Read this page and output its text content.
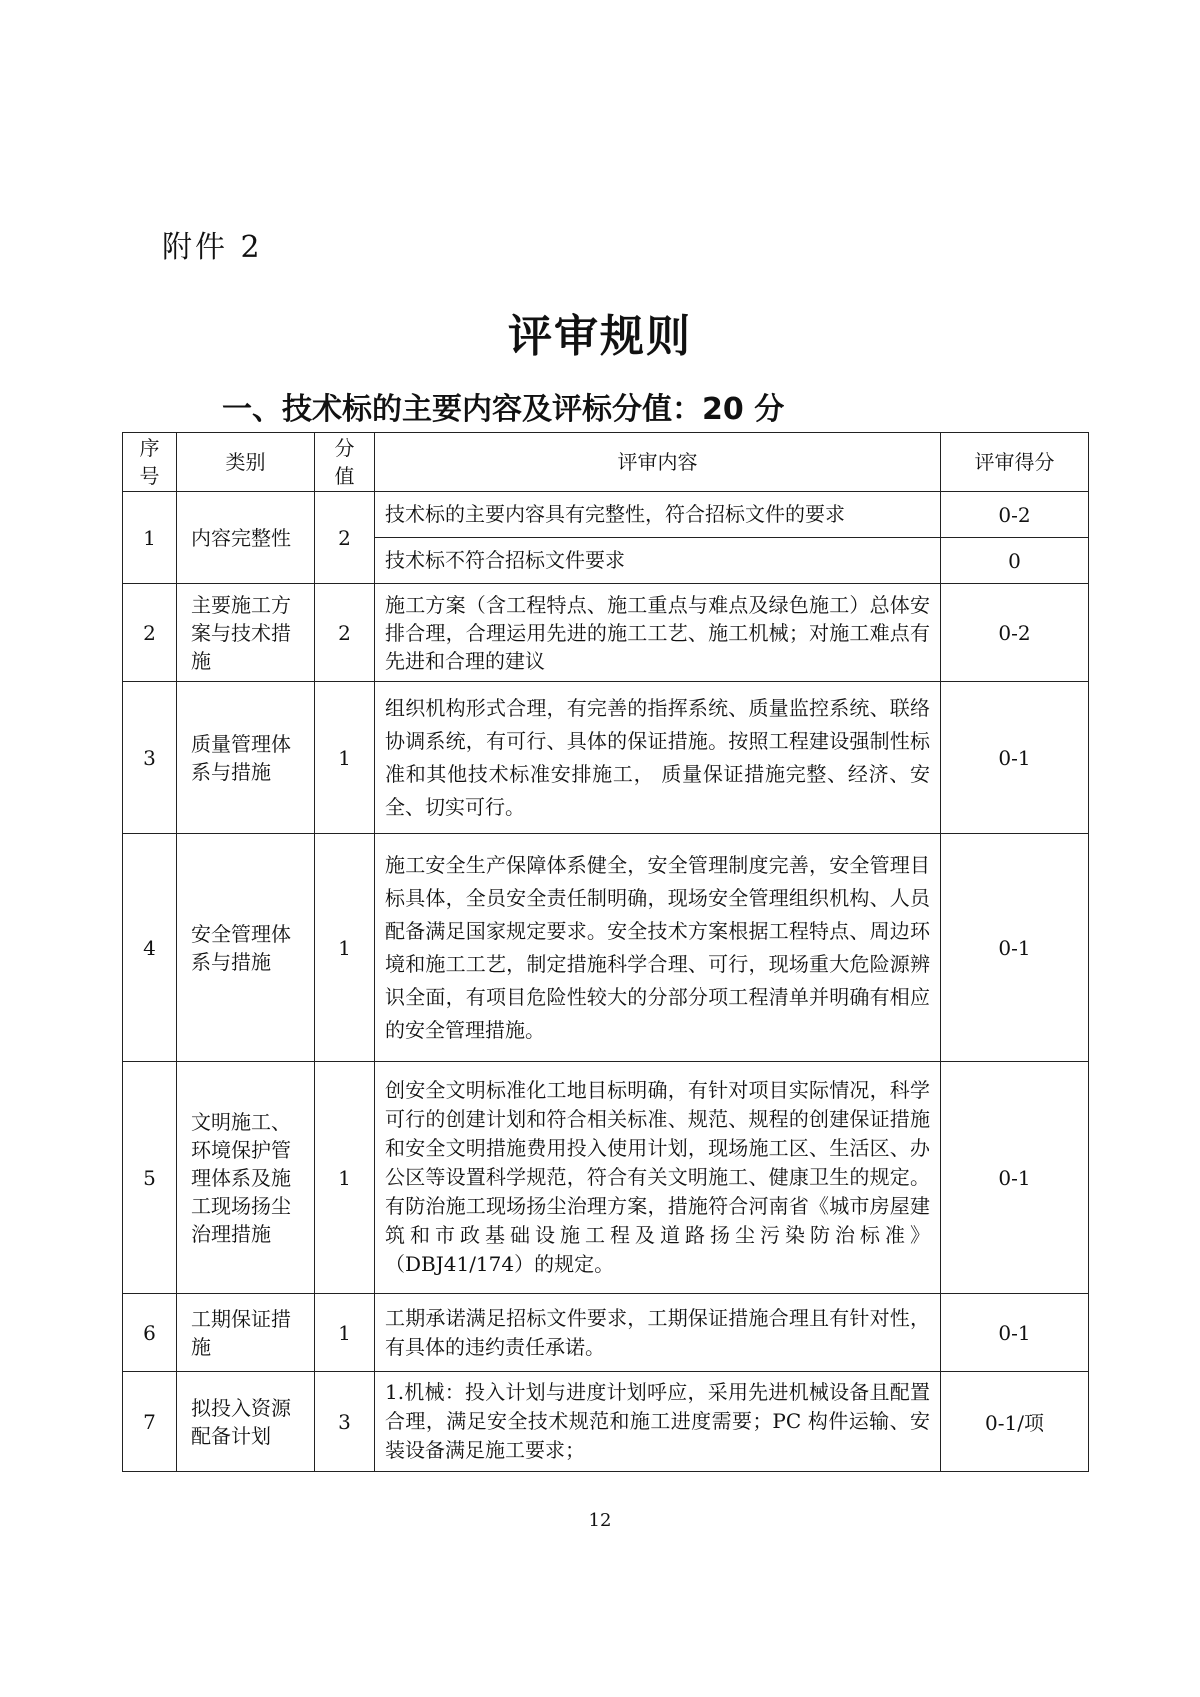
附件 2
评审规则
一、技术标的主要内容及评标分值：20 分
序号	类别	分值	评审内容	评审得分
1	内容完整性	2	技术标的主要内容具有完整性，符合招标文件的要求	0-2
			技术标不符合招标文件要求	0
2	主要施工方案与技术措施	2	施工方案（含工程特点、施工重点与难点及绿色施工）总体安排合理，合理运用先进的施工工艺、施工机械；对施工难点有先进和合理的建议	0-2
3	质量管理体系与措施	1	组织机构形式合理，有完善的指挥系统、质量监控系统、联络协调系统，有可行、具体的保证措施。按照工程建设强制性标准和其他技术标准安排施工， 质量保证措施完整、经济、安全、切实可行。	0-1
4	安全管理体系与措施	1	施工安全生产保障体系健全，安全管理制度完善，安全管理目标具体，全员安全责任制明确，现场安全管理组织机构、人员配备满足国家规定要求。安全技术方案根据工程特点、周边环境和施工工艺，制定措施科学合理、可行，现场重大危险源辨识全面，有项目危险性较大的分部分项工程清单并明确有相应的安全管理措施。	0-1
5	文明施工、环境保护管理体系及施工现场扬尘治理措施	1	创安全文明标准化工地目标明确，有针对项目实际情况，科学可行的创建计划和符合相关标准、规范、规程的创建保证措施和安全文明措施费用投入使用计划，现场施工区、生活区、办公区等设置科学规范，符合有关文明施工、健康卫生的规定。有防治施工现场扬尘治理方案，措施符合河南省《城市房屋建筑和市政基础设施工程及道路扬尘污染防治标准》（DBJ41/174）的规定。	0-1
6	工期保证措施	1	工期承诺满足招标文件要求，工期保证措施合理且有针对性，有具体的违约责任承诺。	0-1
7	拟投入资源配备计划	3	1.机械：投入计划与进度计划呼应，采用先进机械设备且配置合理，满足安全技术规范和施工进度需要；PC 构件运输、安装设备满足施工要求；	0-1/项
12
